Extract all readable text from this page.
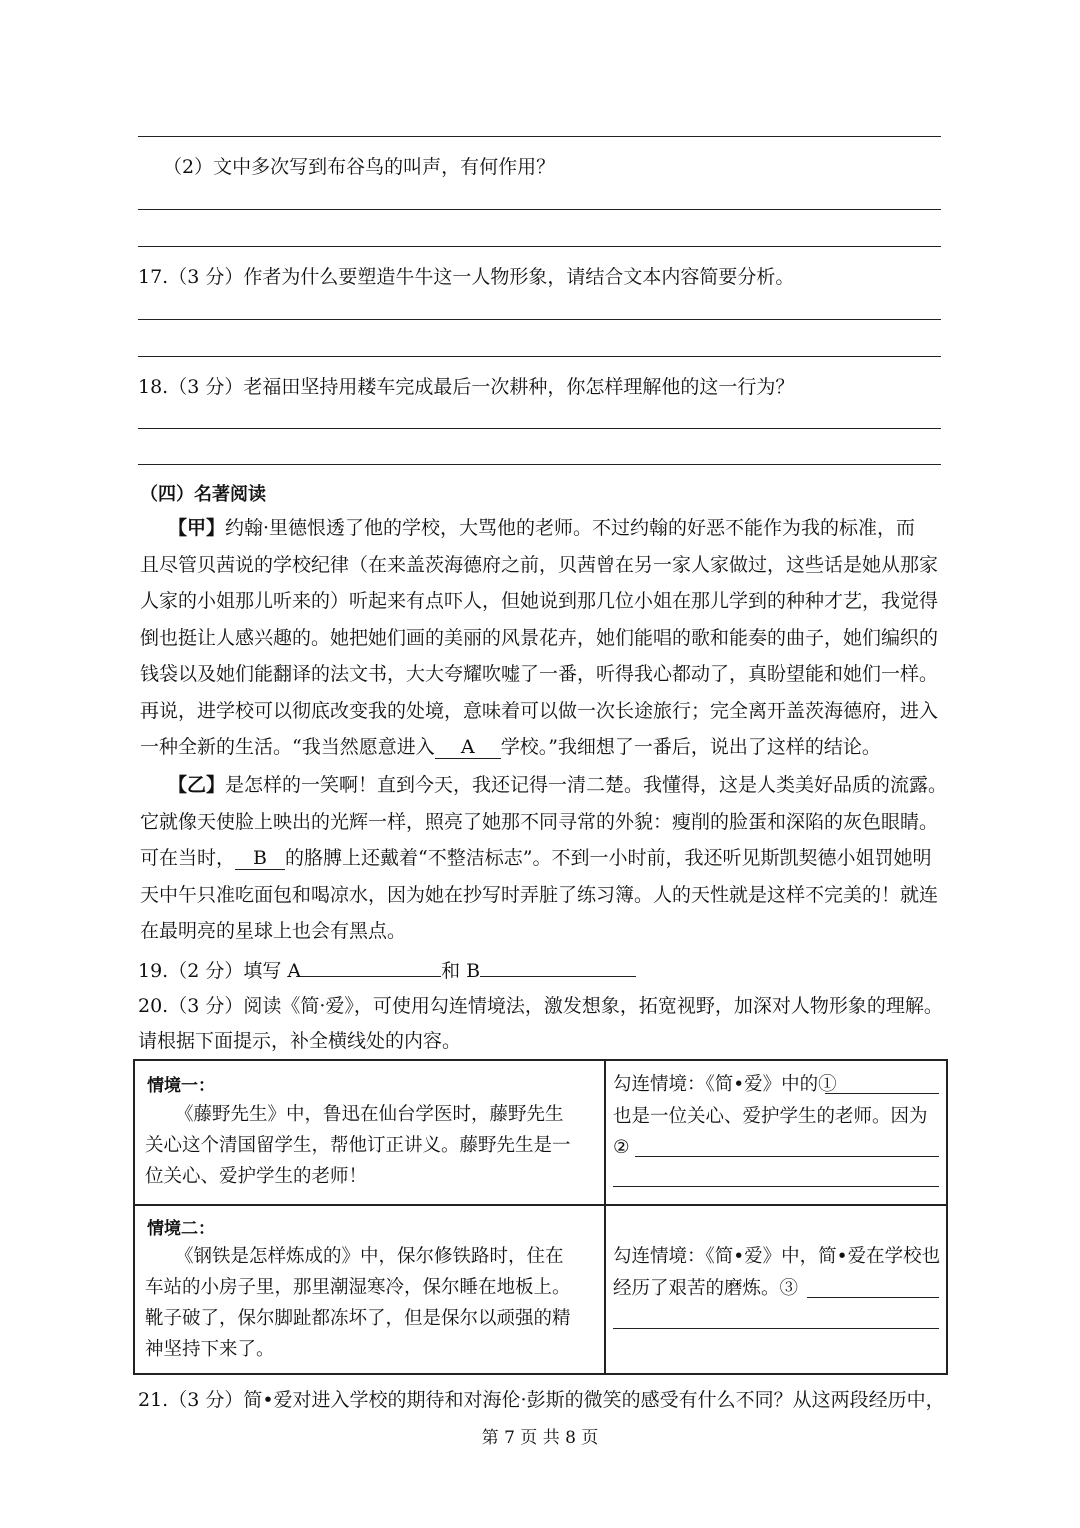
（2）文中多次写到布谷鸟的叫声，有何作用？
17.（3 分）作者为什么要塑造牛牛这一人物形象，请结合文本内容简要分析。
18.（3 分）老福田坚持用耧车完成最后一次耕种，你怎样理解他的这一行为？
（四）名著阅读
【甲】约翰·里德恨透了他的学校，大骂他的老师。不过约翰的好恶不能作为我的标准，而
且尽管贝茜说的学校纪律（在来盖茨海德府之前，贝茜曾在另一家人家做过，这些话是她从那家
人家的小姐那儿听来的）听起来有点吓人，但她说到那几位小姐在那儿学到的种种才艺，我觉得
倒也挺让人感兴趣的。她把她们画的美丽的风景花卉，她们能唱的歌和能奏的曲子，她们编织的
钱袋以及她们能翻译的法文书，大大夸耀吹嘘了一番，听得我心都动了，真盼望能和她们一样。
再说，进学校可以彻底改变我的处境，意味着可以做一次长途旅行；完全离开盖茨海德府，进入
一种全新的生活。“我当然愿意进入 A 学校。”我细想了一番后，说出了这样的结论。
【乙】是怎样的一笑啊！直到今天，我还记得一清二楚。我懂得，这是人类美好品质的流露。
它就像天使脸上映出的光辉一样，照亮了她那不同寻常的外貌：瘦削的脸蛋和深陷的灰色眼睛。
可在当时， B 的胳膊上还戴着“不整洁标志”。不到一小时前，我还听见斯凯契德小姐罚她明
天中午只准吃面包和喝凉水，因为她在抄写时弄脏了练习簿。人的天性就是这样不完美的！就连
在最明亮的星球上也会有黑点。
19.（2 分）填写 A	和 B
20.（3 分）阅读《简·爱》，可使用勾连情境法，激发想象，拓宽视野，加深对人物形象的理解。
请根据下面提示，补全横线处的内容。
情境一：
《藤野先生》中，鲁迅在仙台学医时，藤野先生
关心这个清国留学生，帮他订正讲义。藤野先生是一
位关心、爱护学生的老师！
勾连情境：《简•爱》中的①
也是一位关心、爱护学生的老师。因为
②
情境二：
《钢铁是怎样炼成的》中，保尔修铁路时，住在
车站的小房子里，那里潮湿寒冷，保尔睡在地板上。
靴子破了，保尔脚趾都冻坏了，但是保尔以顽强的精
神坚持下来了。
勾连情境：《简•爱》中，简•爱在学校也
经历了艰苦的磨炼。③
21.（3 分）简•爱对进入学校的期待和对海伦·彭斯的微笑的感受有什么不同？从这两段经历中，
第 7 页 共 8 页
